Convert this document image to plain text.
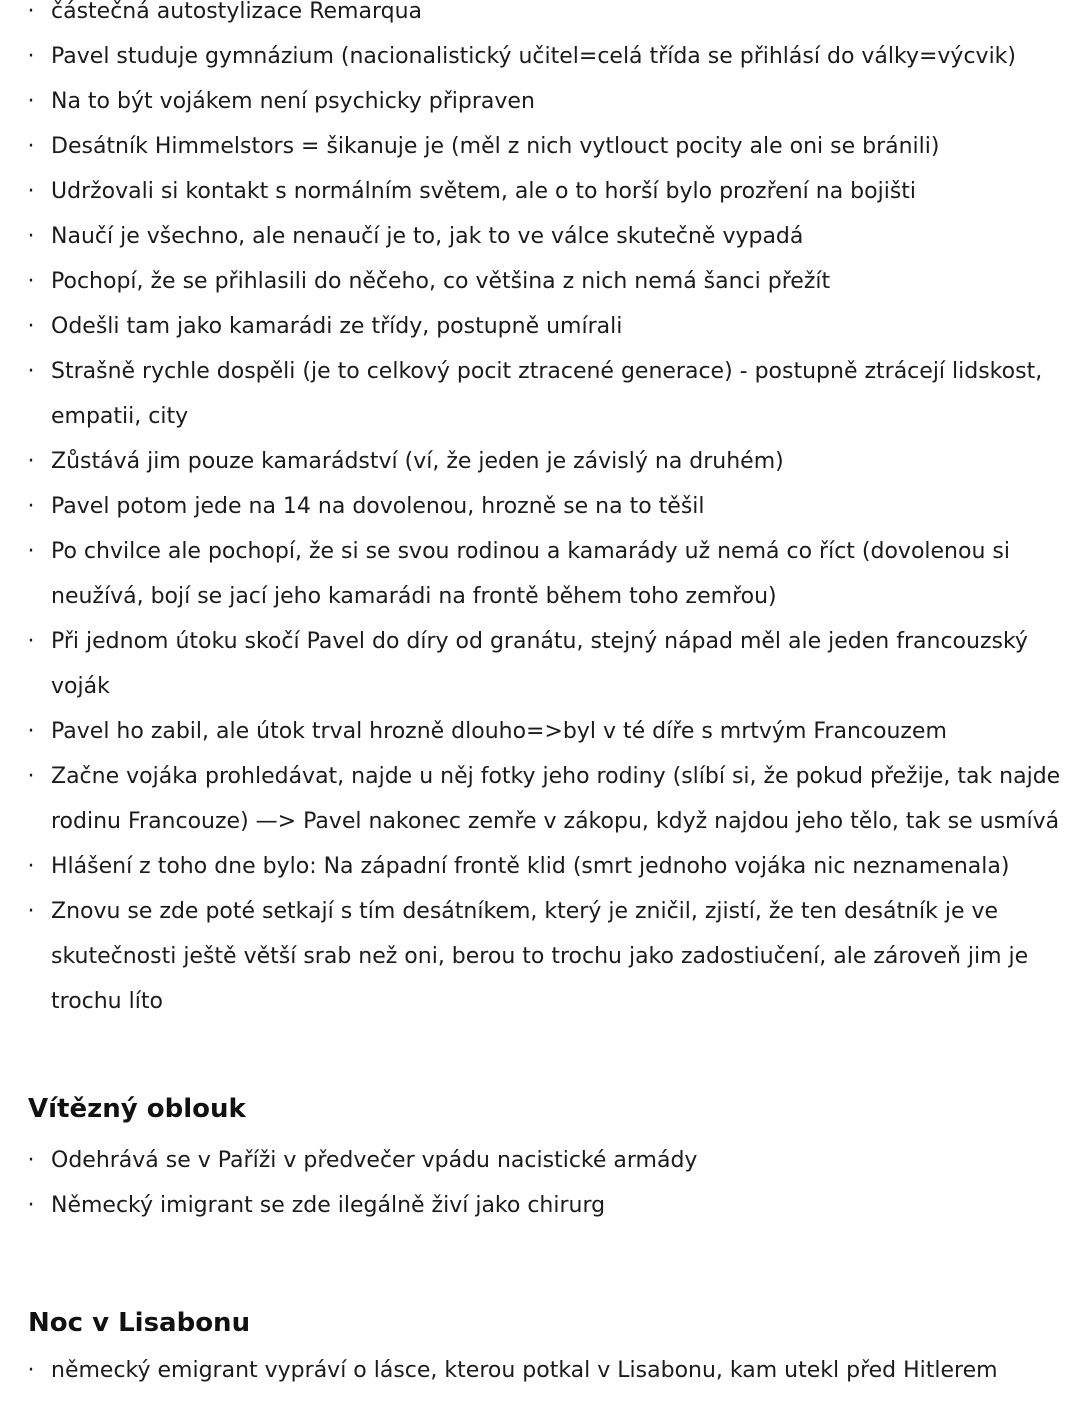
· částečná autostylizace Remarqua
· Pavel studuje gymnázium (nacionalistický učitel=celá třída se přihlásí do války=výcvik)
· Na to být vojákem není psychicky připraven
· Desátník Himmelstors = šikanuje je (měl z nich vytlouct pocity ale oni se bránili)
· Udržovali si kontakt s normálním světem, ale o to horší bylo prozření na bojišti
· Naučí je všechno, ale nenaučí je to, jak to ve válce skutečně vypadá
· Pochopí, že se přihlasili do něčeho, co většina z nich nemá šanci přežít
· Odešli tam jako kamarádi ze třídy, postupně umírali
· Strašně rychle dospěli (je to celkový pocit ztracené generace) - postupně ztrácejí lidskost, empatii, city
· Zůstává jim pouze kamarádství (ví, že jeden je závislý na druhém)
· Pavel potom jede na 14 na dovolenou, hrozně se na to těšil
· Po chvilce ale pochopí, že si se svou rodinou a kamarády už nemá co říct (dovolenou si neužívá, bojí se jací jeho kamarádi na frontě během toho zemřou)
· Při jednom útoku skočí Pavel do díry od granátu, stejný nápad měl ale jeden francouzský voják
· Pavel ho zabil, ale útok trval hrozně dlouho=>byl v té díře s mrtvým Francouzem
· Začne vojáka prohledávat, najde u něj fotky jeho rodiny (slíbí si, že pokud přežije, tak najde rodinu Francouze) —> Pavel nakonec zemře v zákopu, když najdou jeho tělo, tak se usmívá
· Hlášení z toho dne bylo: Na západní frontě klid (smrt jednoho vojáka nic neznamenala)
· Znovu se zde poté setkají s tím desátníkem, který je zničil, zjistí, že ten desátník je ve skutečnosti ještě větší srab než oni, berou to trochu jako zadostiučení, ale zároveň jim je trochu líto
Vítězný oblouk
· Odehrává se v Paříži v předvečer vpádu nacistické armády
· Německý imigrant se zde ilegálně živí jako chirurg
Noc v Lisabonu
· německý emigrant vypráví o lásce, kterou potkal v Lisabonu, kam utekl před Hitlerem
